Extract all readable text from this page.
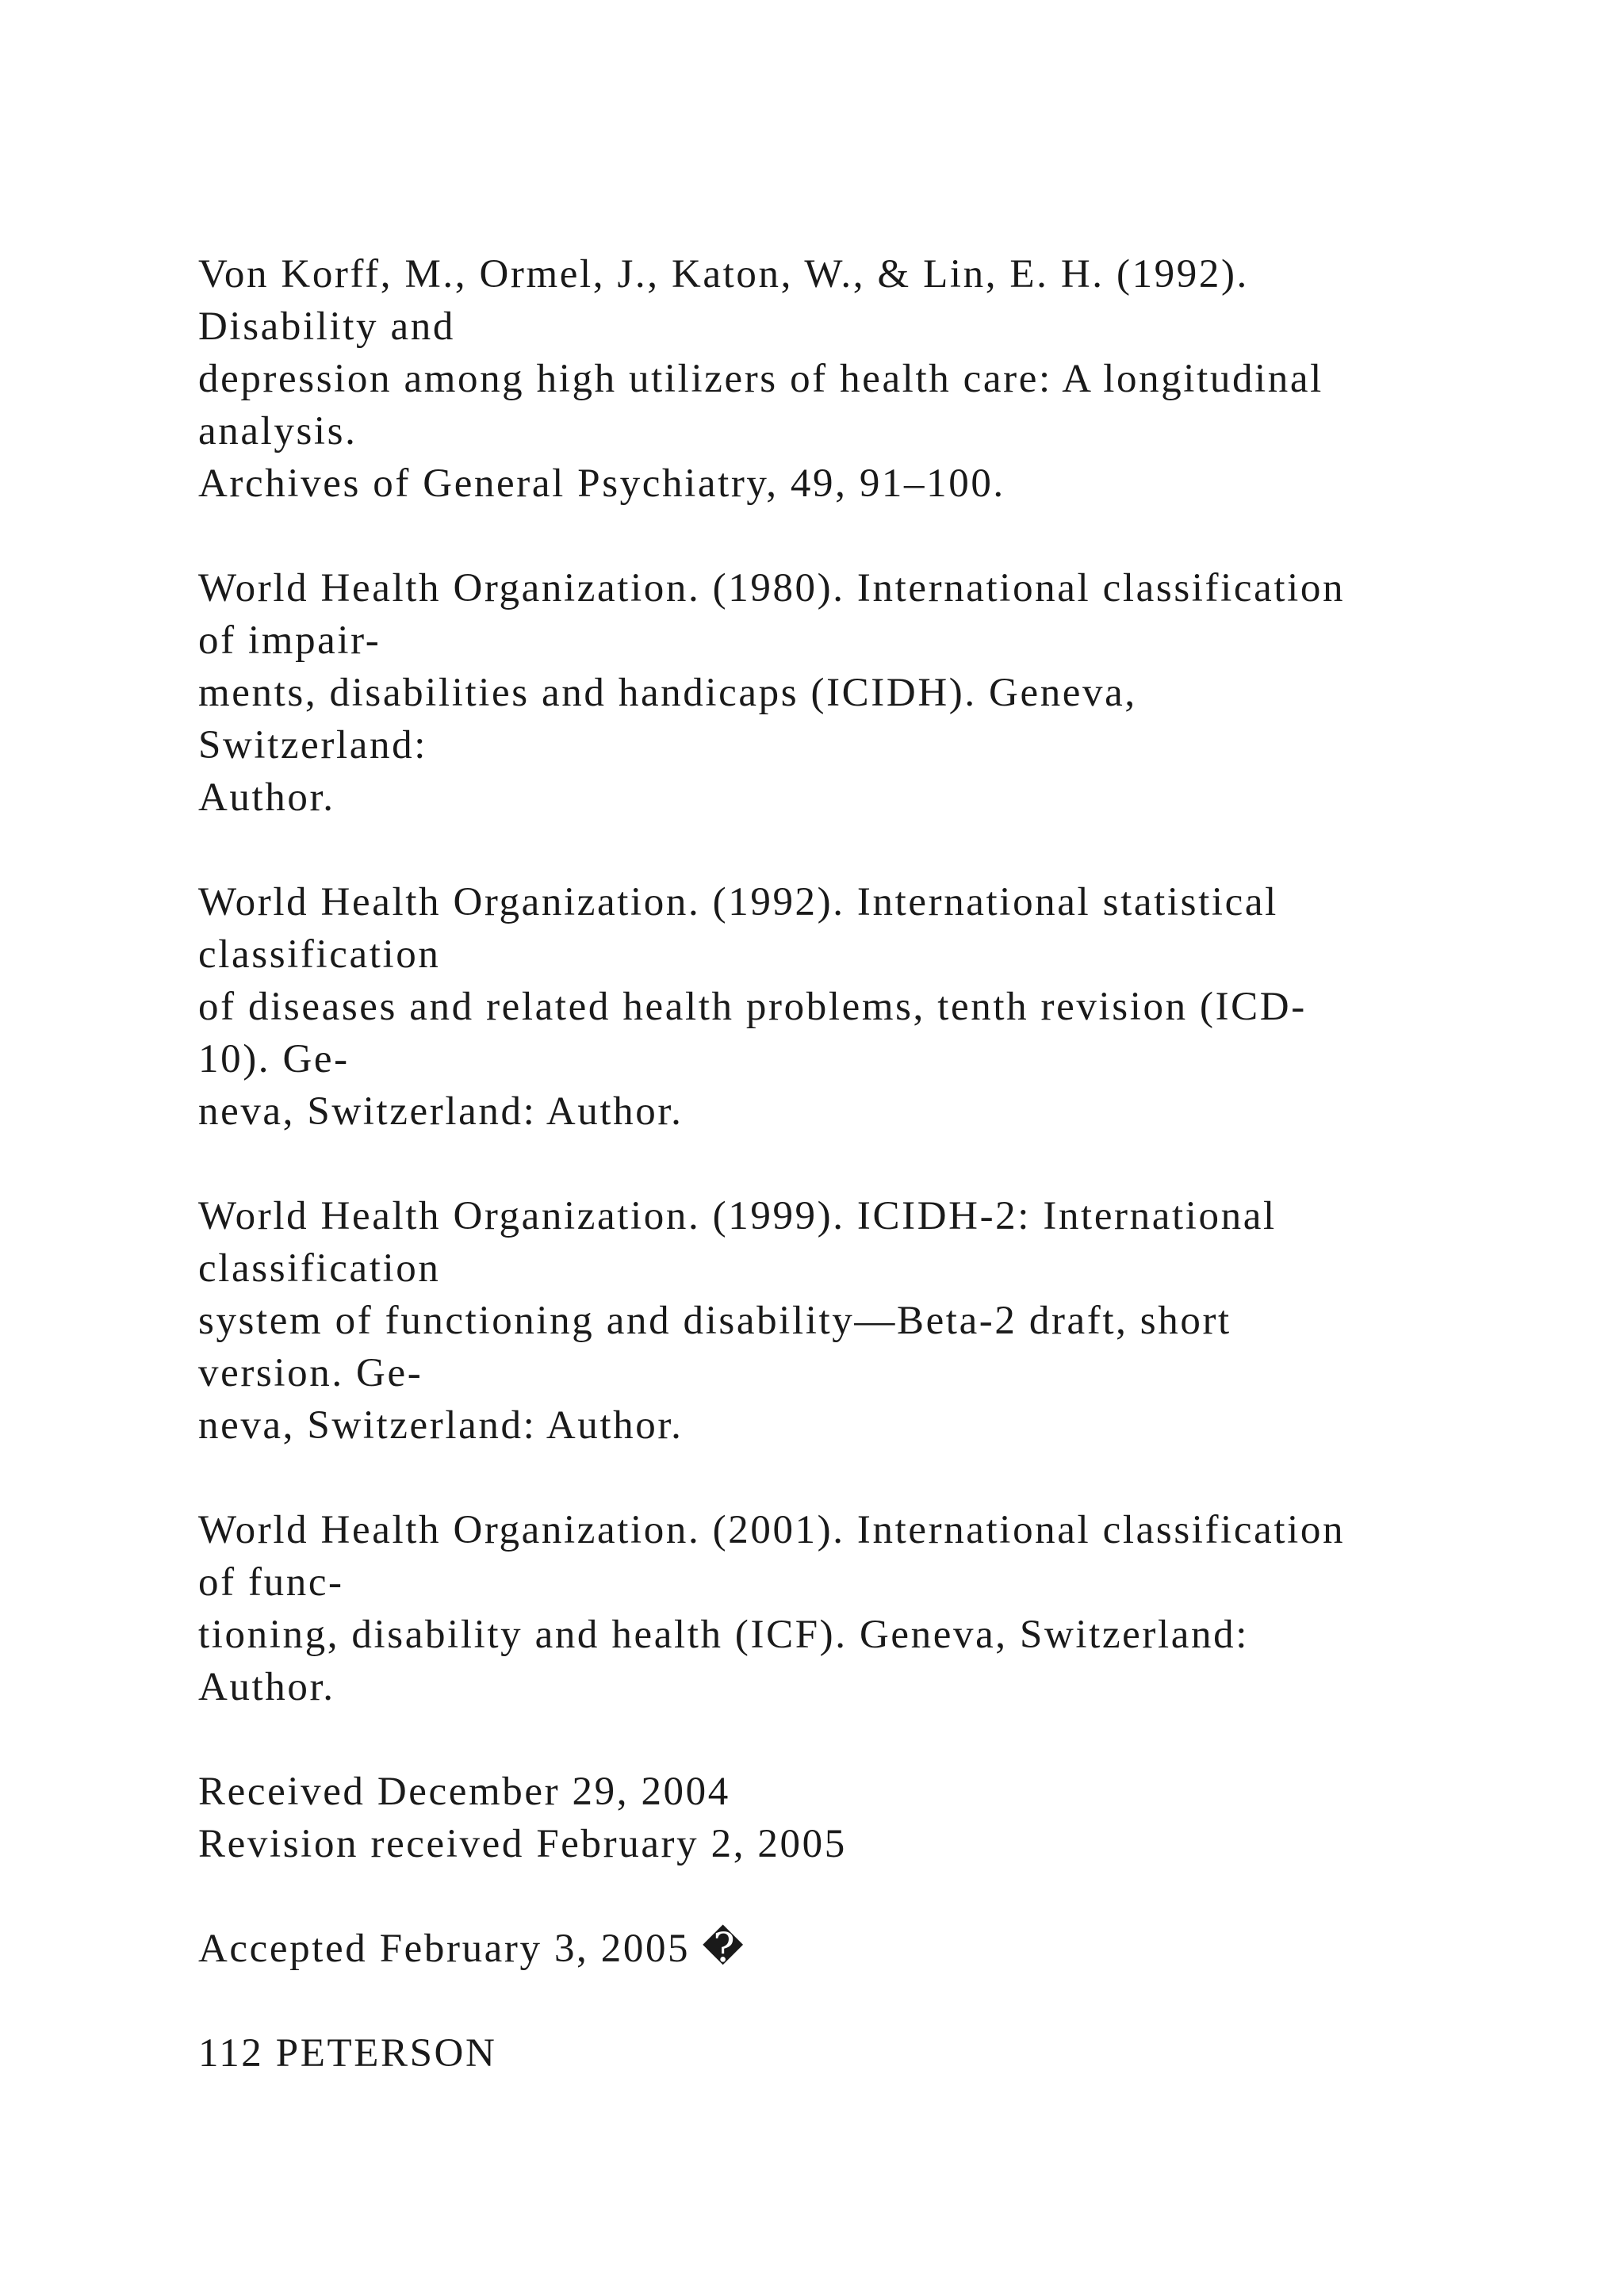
Von Korff, M., Ormel, J., Katon, W., & Lin, E. H. (1992).
Disability and
depression among high utilizers of health care: A longitudinal
analysis.
Archives of General Psychiatry, 49, 91–100.
World Health Organization. (1980). International classification
of impair-
ments, disabilities and handicaps (ICIDH). Geneva,
Switzerland:
Author.
World Health Organization. (1992). International statistical
classification
of diseases and related health problems, tenth revision (ICD-
10). Ge-
neva, Switzerland: Author.
World Health Organization. (1999). ICIDH-2: International
classification
system of functioning and disability—Beta-2 draft, short
version. Ge-
neva, Switzerland: Author.
World Health Organization. (2001). International classification
of func-
tioning, disability and health (ICF). Geneva, Switzerland:
Author.
Received December 29, 2004
Revision received February 2, 2005
Accepted February 3, 2005 �
112 PETERSON
